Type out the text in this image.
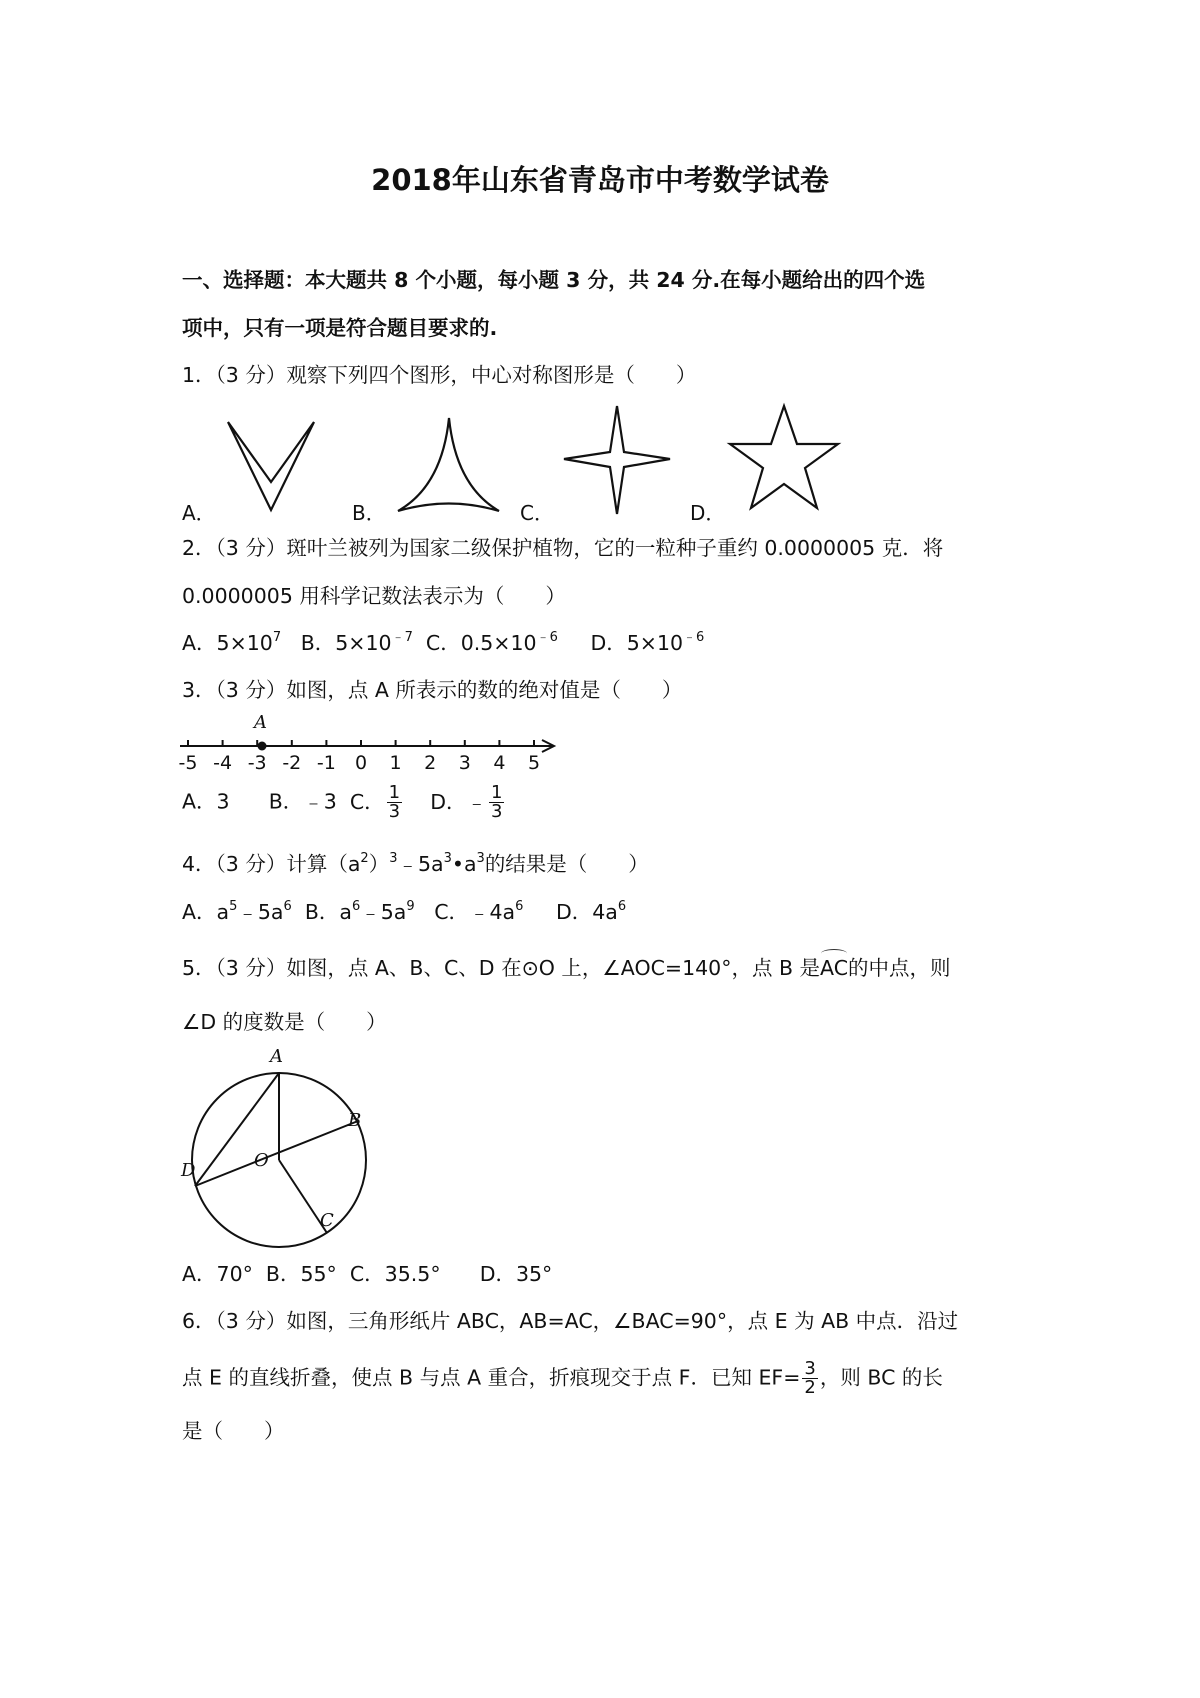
2018年山东省青岛市中考数学试卷
一、选择题：本大题共 8 个小题，每小题 3 分，共 24 分.在每小题给出的四个选
项中，只有一项是符合题目要求的.
1．（3 分）观察下列四个图形，中心对称图形是（　　）
A．	B．	C．	D．
2．（3 分）斑叶兰被列为国家二级保护植物，它的一粒种子重约 0.0000005 克．将
0.0000005 用科学记数法表示为（　　）
A．$5\times 10^7$ B．$5\times 10^{﹣7}$ C．$0.5\times 10^{﹣6}$ D．$5\times 10^{﹣6}$
3．（3 分）如图，点 A 所表示的数的绝对值是（　　）
A
-5 -4 -3 -2 -1	0	1	2	3	4	5
A．3 B．﹣3 C． $\frac{1}{3}$ D．﹣ $\frac{1}{3}$
4．（3 分）计算$(a^2)^3﹣5a^3•a^3$的结果是（　　）
A．$a^5﹣5a^6$ B．$a^6﹣5a^9$ C．$﹣4a^6$ D．$4a^6$
5．（3 分）如图，点 A、B、C、D 在⊙O 上，∠AOC=140°，点 B 是AC的中点，则
∠D 的度数是（　　）
A
B
C
D	O
A．70° B．55° C．35.5° D．35°
6．（3 分）如图，三角形纸片 ABC，AB=AC，∠BAC=90°，点 E 为 AB 中点．沿过
点 E 的直线折叠，使点 B 与点 A 重合，折痕现交于点 F．已知 $EF= \frac{3}{2}$ ，则 BC 的长
是（　　）
